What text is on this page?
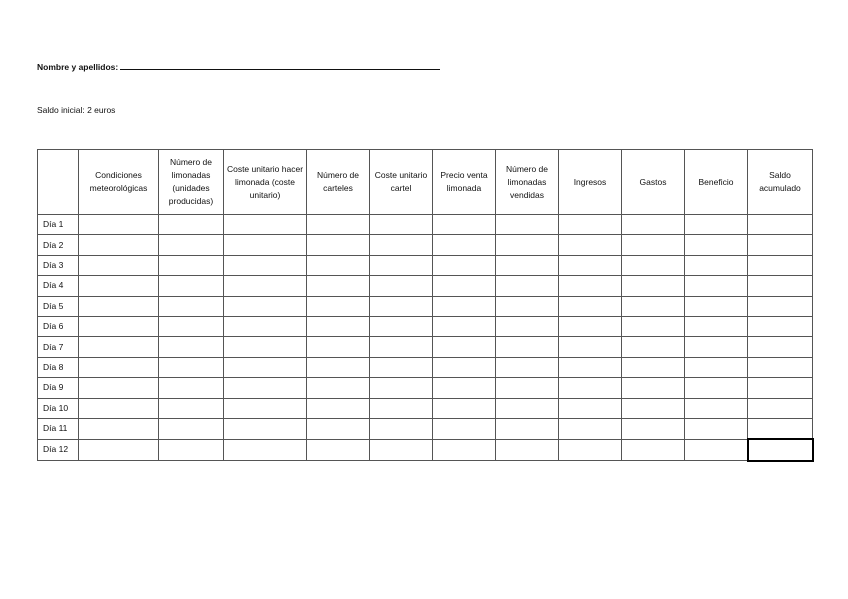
Nombre y apellidos:
Saldo inicial: 2 euros
	Condiciones meteorológicas	Número de limonadas (unidades producidas)	Coste unitario hacer limonada (coste unitario)	Número de carteles	Coste unitario cartel	Precio venta limonada	Número de limonadas vendidas	Ingresos	Gastos	Beneficio	Saldo acumulado
Día 1											
Día 2											
Día 3											
Día 4											
Día 5											
Día 6											
Día 7											
Día 8											
Día 9											
Día 10											
Día 11											
Día 12											
